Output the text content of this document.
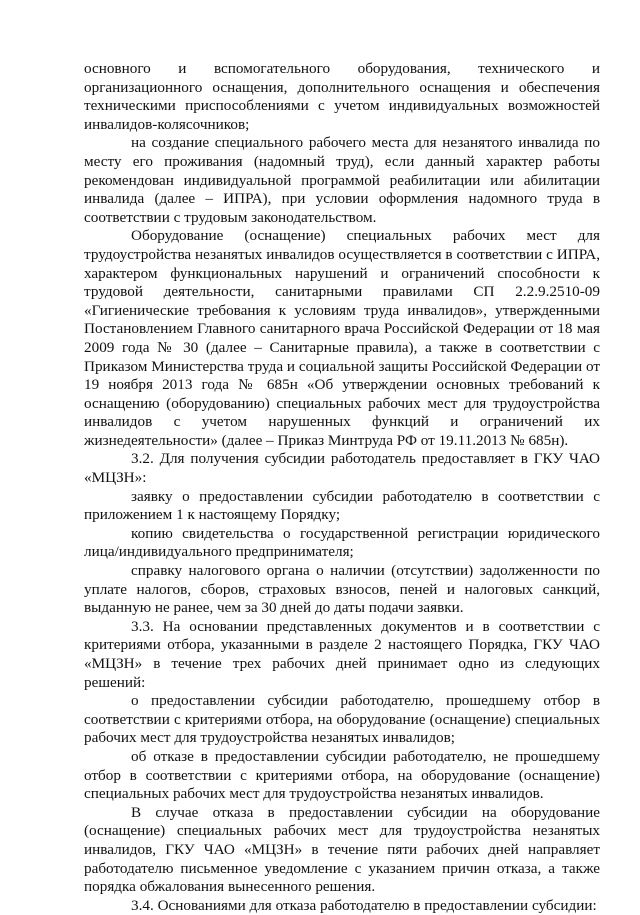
основного и вспомогательного оборудования, технического и организационного оснащения, дополнительного оснащения и обеспечения техническими приспособлениями с учетом индивидуальных возможностей инвалидов-колясочников;

на создание специального рабочего места для незанятого инвалида по месту его проживания (надомный труд), если данный характер работы рекомендован индивидуальной программой реабилитации или абилитации инвалида (далее – ИПРА), при условии оформления надомного труда в соответствии с трудовым законодательством.

Оборудование (оснащение) специальных рабочих мест для трудоустройства незанятых инвалидов осуществляется в соответствии с ИПРА, характером функциональных нарушений и ограничений способности к трудовой деятельности, санитарными правилами СП 2.2.9.2510-09 «Гигиенические требования к условиям труда инвалидов», утвержденными Постановлением Главного санитарного врача Российской Федерации от 18 мая 2009 года № 30 (далее – Санитарные правила), а также в соответствии с Приказом Министерства труда и социальной защиты Российской Федерации от 19 ноября 2013 года № 685н «Об утверждении основных требований к оснащению (оборудованию) специальных рабочих мест для трудоустройства инвалидов с учетом нарушенных функций и ограничений их жизнедеятельности» (далее – Приказ Минтруда РФ от 19.11.2013 № 685н).

3.2. Для получения субсидии работодатель предоставляет в ГКУ ЧАО «МЦЗН»:

заявку о предоставлении субсидии работодателю в соответствии с приложением 1 к настоящему Порядку;

копию свидетельства о государственной регистрации юридического лица/индивидуального предпринимателя;

справку налогового органа о наличии (отсутствии) задолженности по уплате налогов, сборов, страховых взносов, пеней и налоговых санкций, выданную не ранее, чем за 30 дней до даты подачи заявки.

3.3. На основании представленных документов и в соответствии с критериями отбора, указанными в разделе 2 настоящего Порядка, ГКУ ЧАО «МЦЗН» в течение трех рабочих дней принимает одно из следующих решений:

о предоставлении субсидии работодателю, прошедшему отбор в соответствии с критериями отбора, на оборудование (оснащение) специальных рабочих мест для трудоустройства незанятых инвалидов;

об отказе в предоставлении субсидии работодателю, не прошедшему отбор в соответствии с критериями отбора, на оборудование (оснащение) специальных рабочих мест для трудоустройства незанятых инвалидов.

В случае отказа в предоставлении субсидии на оборудование (оснащение) специальных рабочих мест для трудоустройства незанятых инвалидов, ГКУ ЧАО «МЦЗН» в течение пяти рабочих дней направляет работодателю письменное уведомление с указанием причин отказа, а также порядка обжалования вынесенного решения.

3.4. Основаниями для отказа работодателю в предоставлении субсидии:
